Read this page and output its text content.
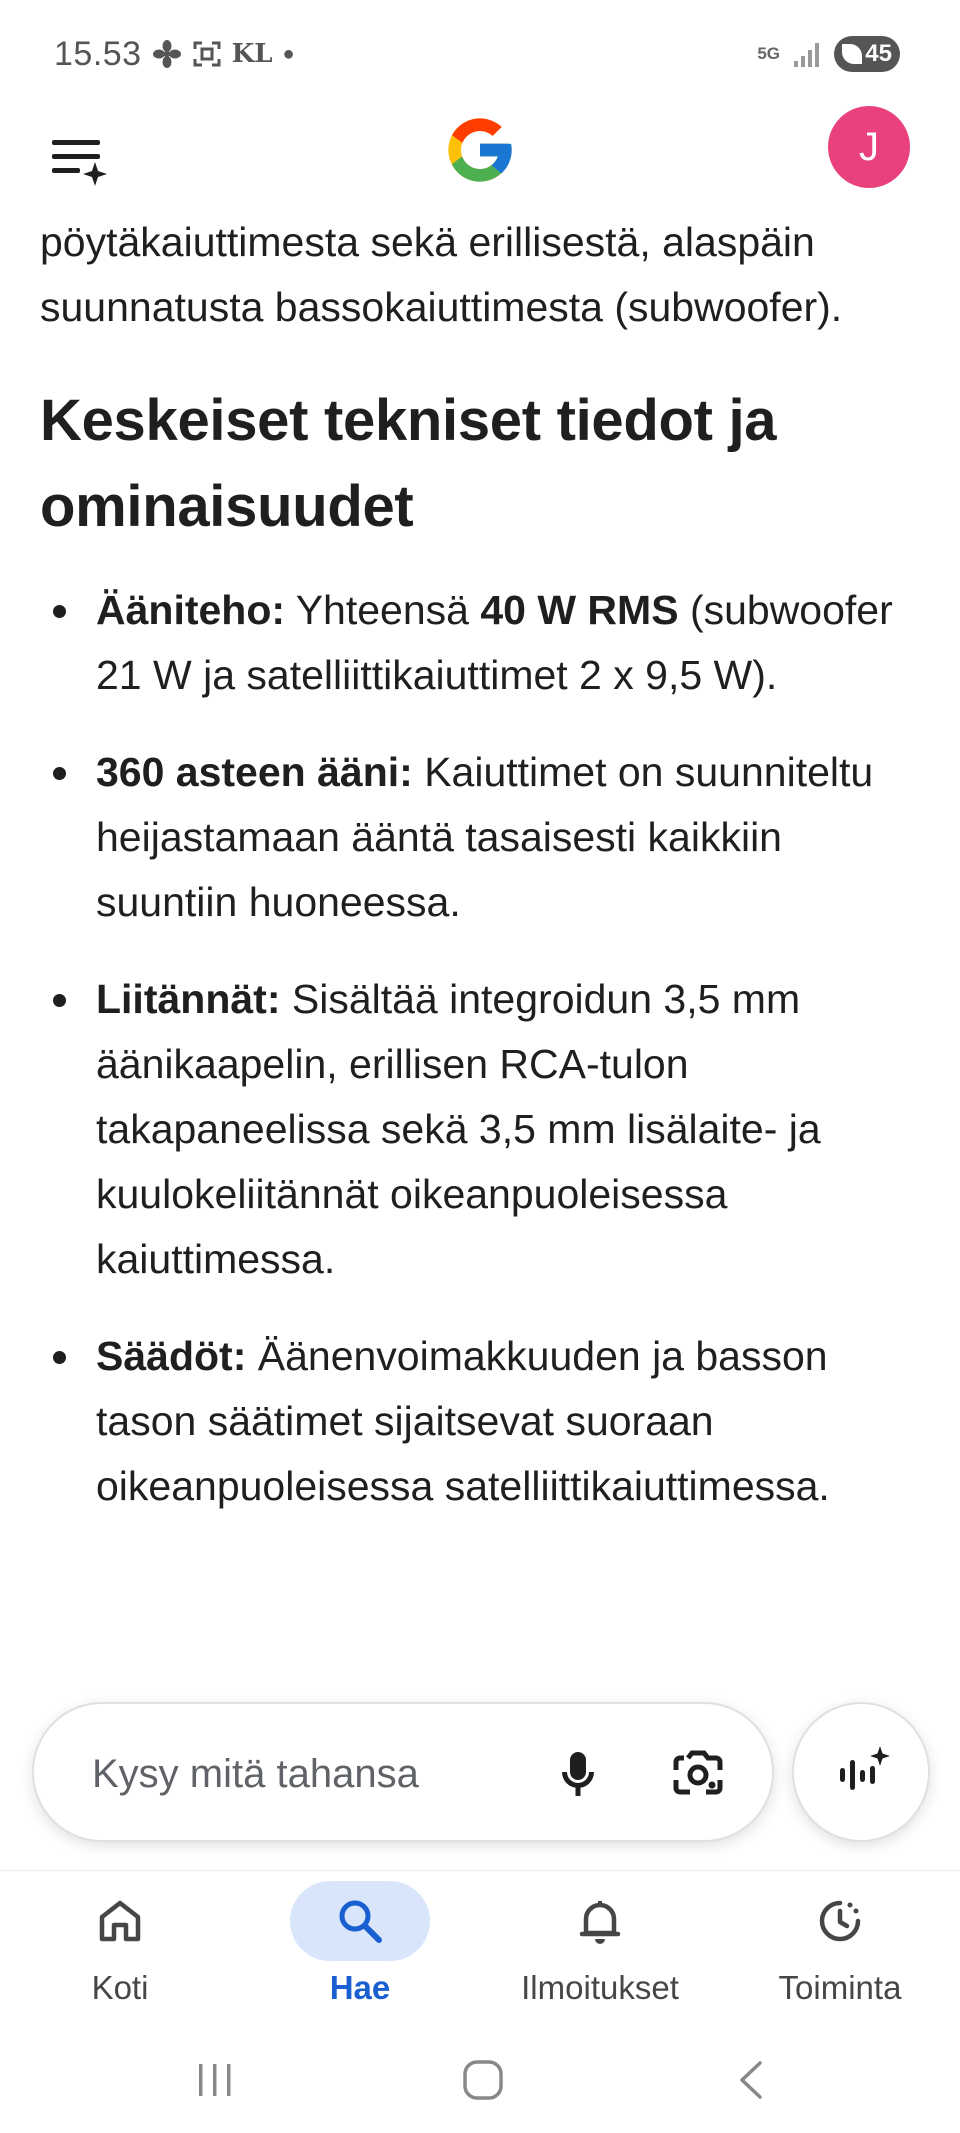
15.53	KL ●	5G	45
J

pöytäkaiuttimesta sekä erillisestä, alaspäin suunnatusta bassokaiuttimesta (subwoofer).

Keskeiset tekniset tiedot ja ominaisuudet
Ääniteho: Yhteensä 40 W RMS (subwoofer 21 W ja satelliittikaiuttimet 2 x 9,5 W).
360 asteen ääni: Kaiuttimet on suunniteltu heijastamaan ääntä tasaisesti kaikkiin suuntiin huoneessa.
Liitännät: Sisältää integroidun 3,5 mm äänikaapelin, erillisen RCA-tulon takapaneelissa sekä 3,5 mm lisälaite- ja kuulokeliitännät oikeanpuoleisessa kaiuttimessa.
Säädöt: Äänenvoimakkuuden ja basson tason säätimet sijaitsevat suoraan oikeanpuoleisessa satelliittikaiuttimessa.
Kysy mitä tahansa
Koti	Hae	Ilmoitukset	Toiminta
